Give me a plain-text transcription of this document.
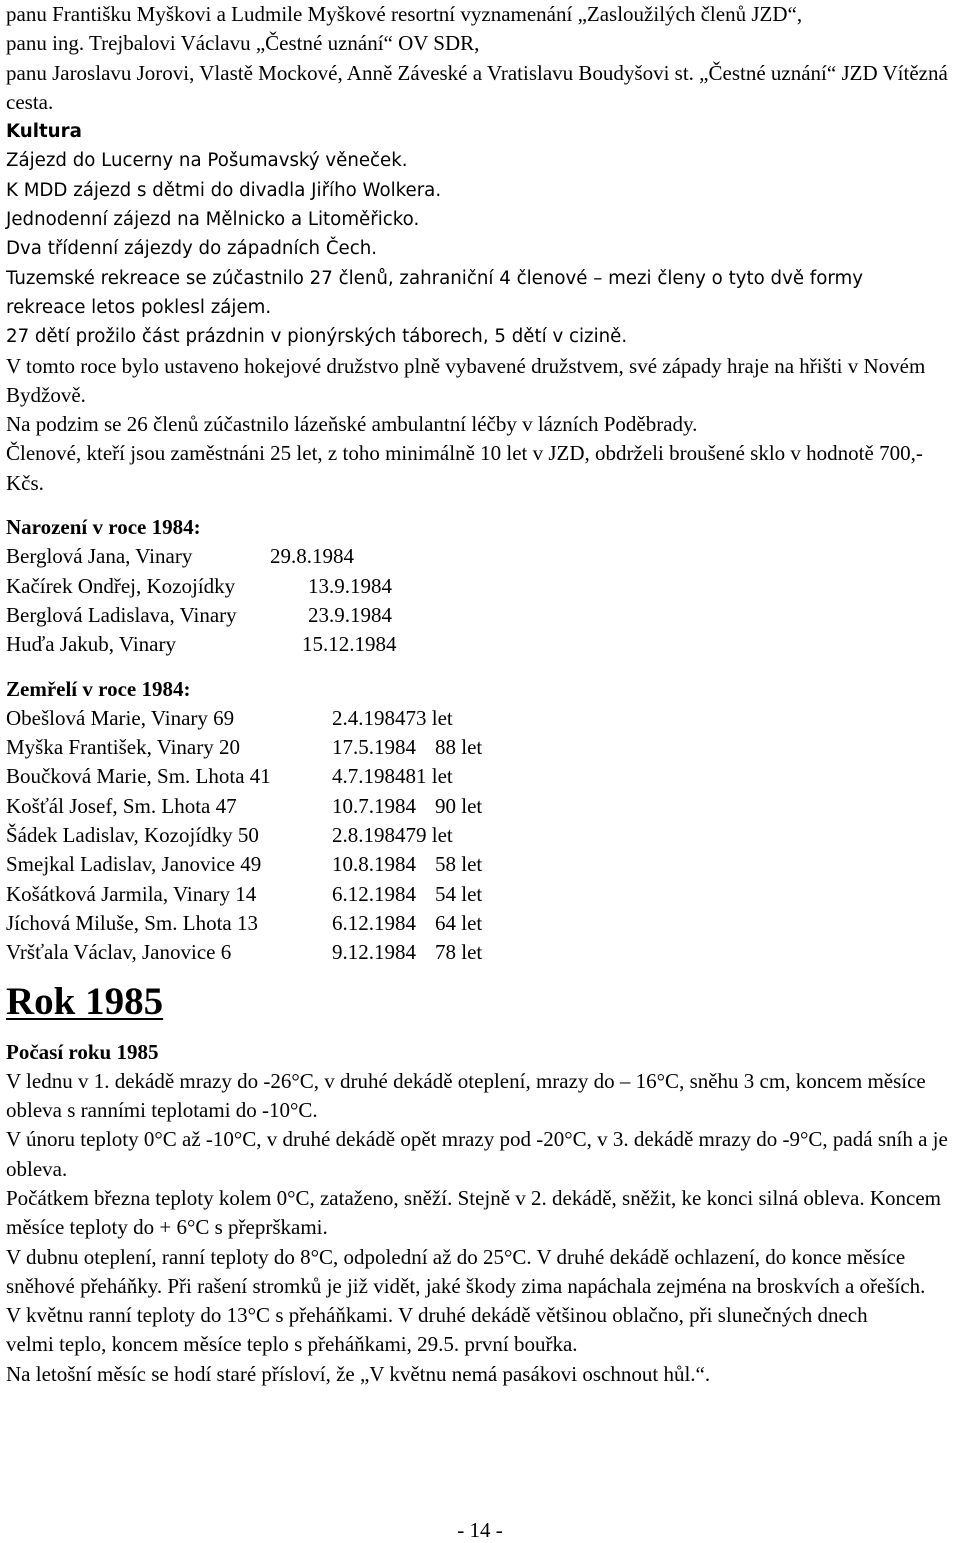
panu Františku Myškovi a Ludmile Myškové resortní vyznamenání „Zasloužilých členů JZD“,
panu ing. Trejbalovi Václavu „Čestné uznání“ OV SDR,
panu Jaroslavu Jorovi, Vlastě Mockové, Anně Záveské a Vratislavu Boudyšovi st. „Čestné uznání“ JZD Vítězná cesta.
Kultura
Zájezd do Lucerny na Pošumavský věneček.
K MDD zájezd s dětmi do divadla Jiřího Wolkera.
Jednodenní zájezd na Mělnicko a Litoměřicko.
Dva třídenní zájezdy do západních Čech.
Tuzemské rekreace se zúčastnilo 27 členů, zahraniční 4 členové – mezi členy o tyto dvě formy rekreace letos poklesl zájem.
27 dětí prožilo část prázdnin v pionýrských táborech, 5 dětí v cizině.
V tomto roce bylo ustaveno hokejové družstvo plně vybavené družstvem, své západy hraje na hřišti v Novém Bydžově.
Na podzim se 26 členů zúčastnilo lázeňské ambulantní léčby v lázních Poděbrady.
Členové, kteří jsou zaměstnáni 25 let, z toho minimálně 10 let v JZD, obdrželi broušené sklo v hodnotě 700,- Kčs.
Narození v roce 1984:
Berglová Jana, Vinary	29.8.1984
Kačírek Ondřej, Kozojídky	13.9.1984
Berglová Ladislava, Vinary	23.9.1984
Huďa Jakub, Vinary	15.12.1984
Zemřelí v roce 1984:
Obešlová Marie, Vinary 69	2.4.1984 73 let
Myška František, Vinary 20	17.5.1984 88 let
Boučková Marie, Sm. Lhota 41	4.7.1984 81 let
Košťál Josef, Sm. Lhota 47	10.7.1984 90 let
Šádek Ladislav, Kozojídky 50	2.8.1984 79 let
Smejkal Ladislav, Janovice 49	10.8.1984 58 let
Košátková Jarmila, Vinary 14	6.12.1984 54 let
Jíchová Miluše, Sm. Lhota 13	6.12.1984 64 let
Vršťala Václav, Janovice 6	9.12.1984 78 let
Rok 1985
Počasí roku 1985
V lednu v 1. dekádě mrazy do -26°C, v druhé dekádě oteplení, mrazy do – 16°C, sněhu 3 cm, koncem měsíce obleva s ranními teplotami do -10°C.
V únoru teploty 0°C až -10°C, v druhé dekádě opět mrazy pod -20°C, v 3. dekádě mrazy do -9°C, padá sníh a je obleva.
Počátkem března teploty kolem 0°C, zataženo, sněží. Stejně v 2. dekádě, sněžit, ke konci silná obleva. Koncem měsíce teploty do + 6°C s přeprškami.
V dubnu oteplení, ranní teploty do 8°C, odpolední až do 25°C. V druhé dekádě ochlazení, do konce měsíce sněhové přeháňky. Při rašení stromků je již vidět, jaké škody zima napáchala zejména na broskvích a ořeších.
V květnu ranní teploty do 13°C s přeháňkami. V druhé dekádě většinou oblačno, při slunečných dnech velmi teplo, koncem měsíce teplo s přeháňkami, 29.5. první bouřka.
Na letošní měsíc se hodí staré přísloví, že „V květnu nemá pasákovi oschnout hůl.“.
- 14 -
